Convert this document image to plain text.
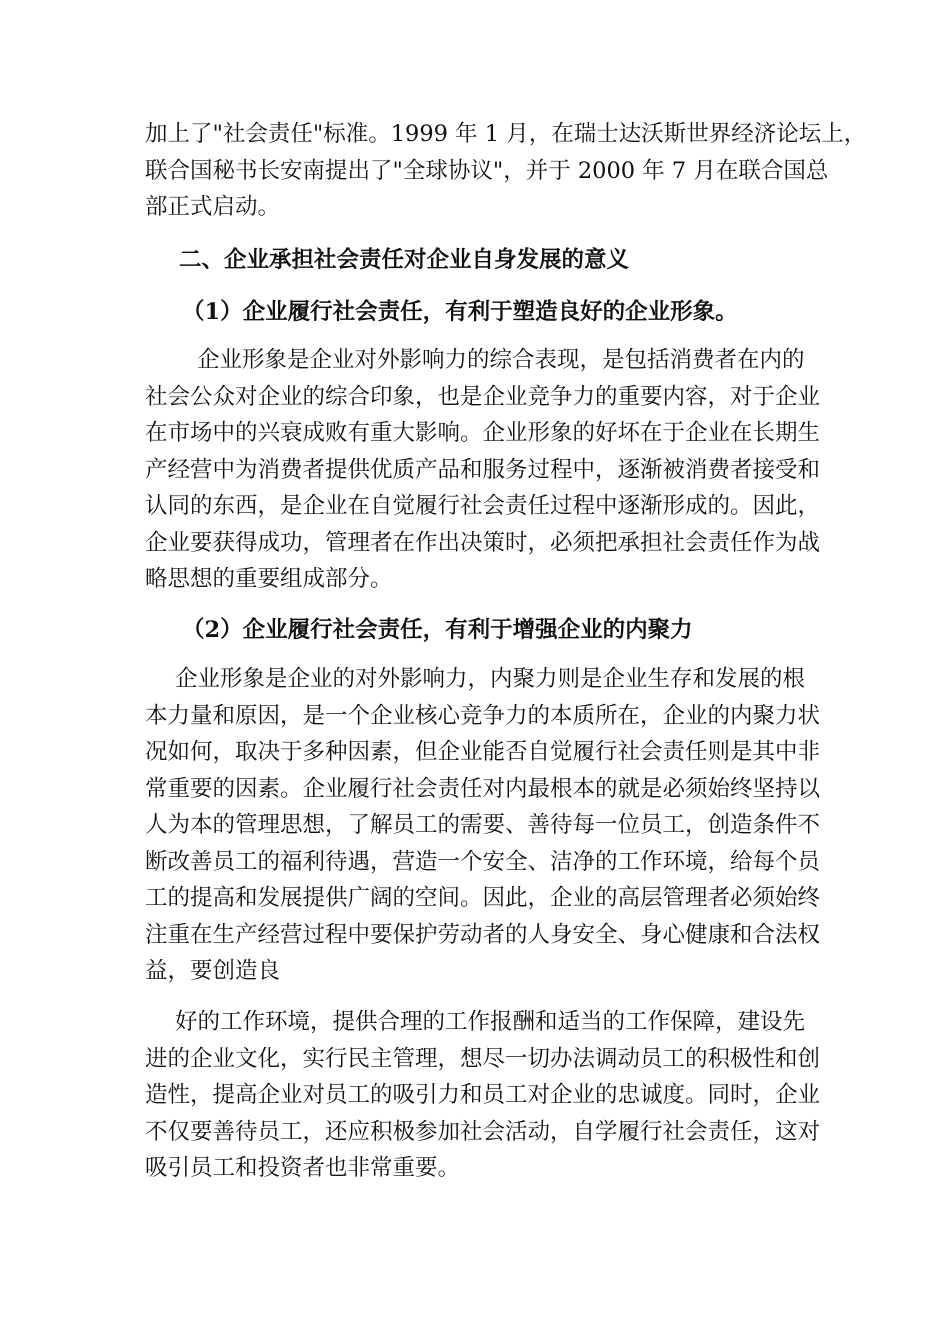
加上了"社会责任"标准。1999 年 1 月，在瑞士达沃斯世界经济论坛上，
联合国秘书长安南提出了"全球协议"，并于 2000 年 7 月在联合国总
部正式启动。
二、企业承担社会责任对企业自身发展的意义
（1）企业履行社会责任，有利于塑造良好的企业形象。
企业形象是企业对外影响力的综合表现，是包括消费者在内的
社会公众对企业的综合印象，也是企业竞争力的重要内容，对于企业
在市场中的兴衰成败有重大影响。企业形象的好坏在于企业在长期生
产经营中为消费者提供优质产品和服务过程中，逐渐被消费者接受和
认同的东西，是企业在自觉履行社会责任过程中逐渐形成的。因此，
企业要获得成功，管理者在作出决策时，必须把承担社会责任作为战
略思想的重要组成部分。
（2）企业履行社会责任，有利于增强企业的内聚力
企业形象是企业的对外影响力，内聚力则是企业生存和发展的根
本力量和原因，是一个企业核心竞争力的本质所在，企业的内聚力状
况如何，取决于多种因素，但企业能否自觉履行社会责任则是其中非
常重要的因素。企业履行社会责任对内最根本的就是必须始终坚持以
人为本的管理思想，了解员工的需要、善待每一位员工，创造条件不
断改善员工的福利待遇，营造一个安全、洁净的工作环境，给每个员
工的提高和发展提供广阔的空间。因此，企业的高层管理者必须始终
注重在生产经营过程中要保护劳动者的人身安全、身心健康和合法权
益，要创造良
好的工作环境，提供合理的工作报酬和适当的工作保障，建设先
进的企业文化，实行民主管理，想尽一切办法调动员工的积极性和创
造性，提高企业对员工的吸引力和员工对企业的忠诚度。同时，企业
不仅要善待员工，还应积极参加社会活动，自学履行社会责任，这对
吸引员工和投资者也非常重要。
